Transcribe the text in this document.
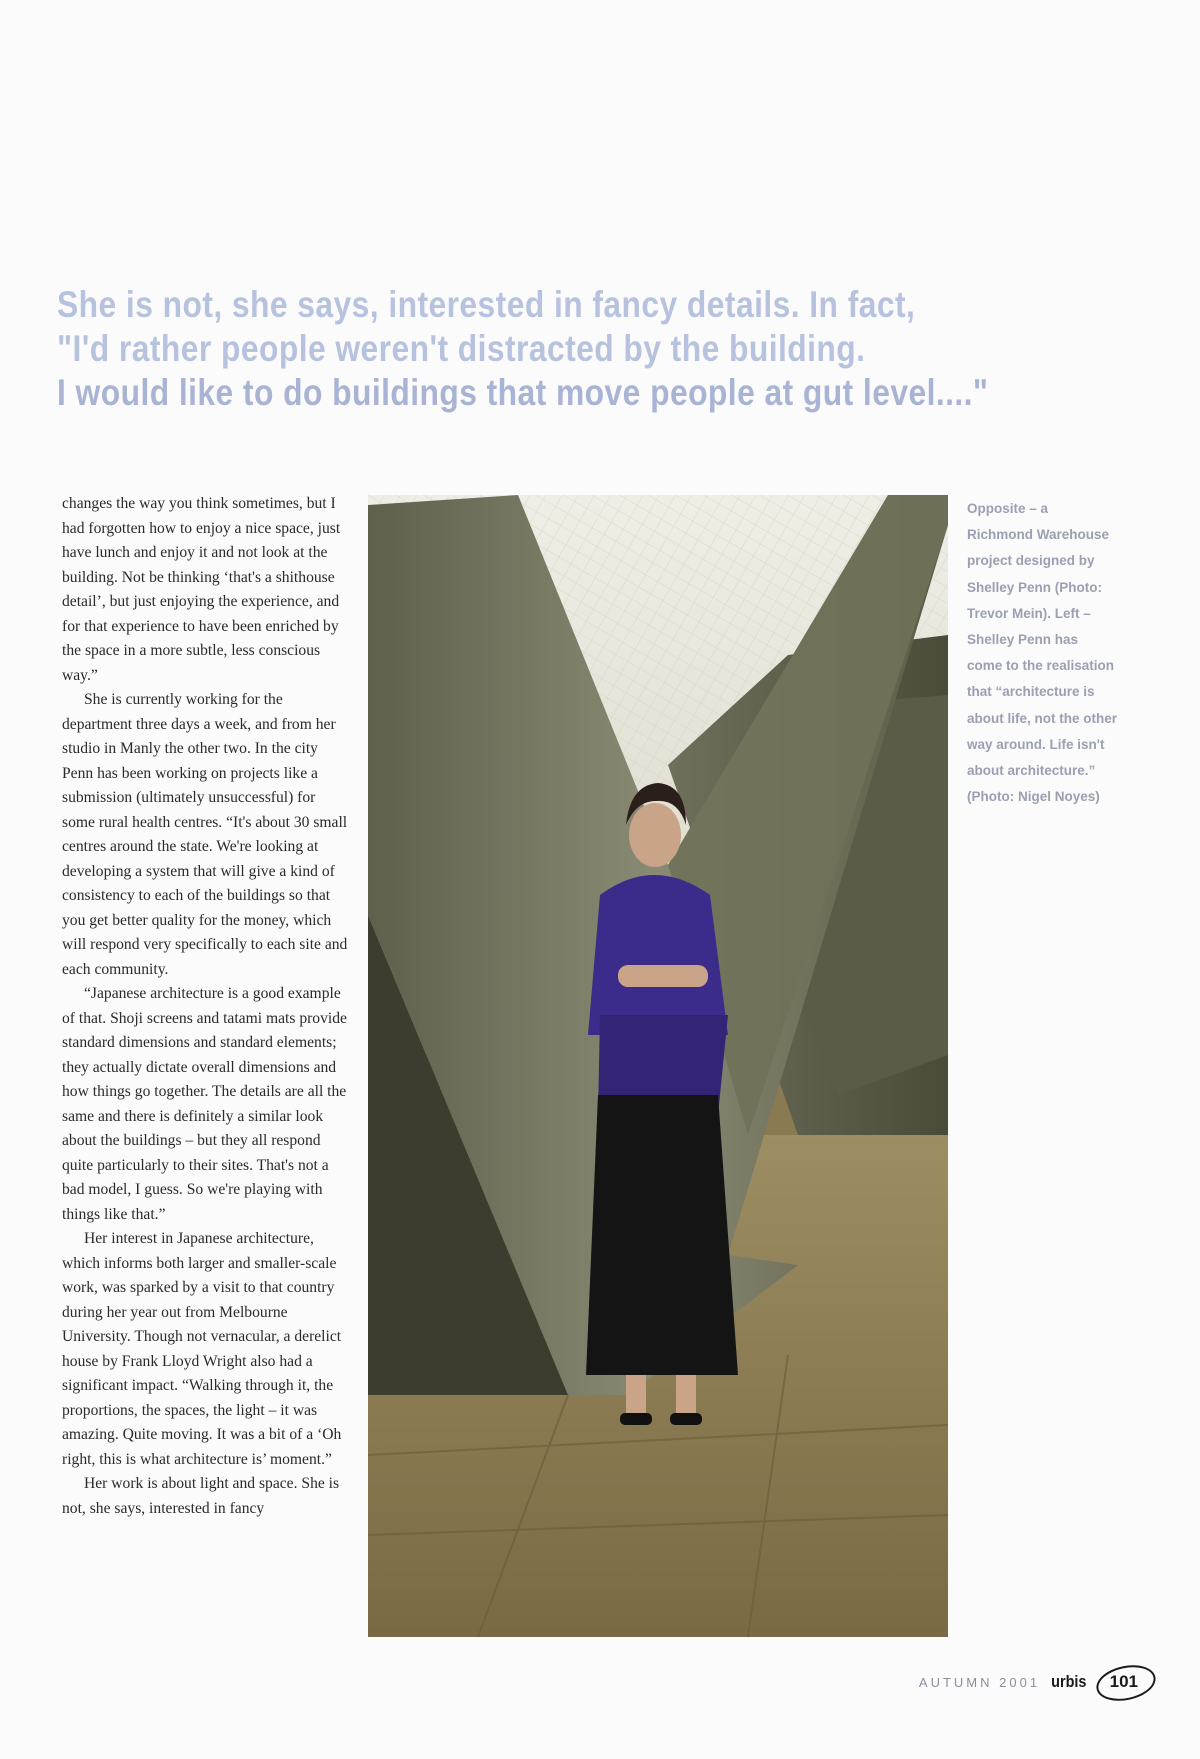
She is not, she says, interested in fancy details. In fact,
"I'd rather people weren't distracted by the building.
I would like to do buildings that move people at gut level...."

changes the way you think sometimes, but I had forgotten how to enjoy a nice space, just have lunch and enjoy it and not look at the building. Not be thinking ‘that's a shithouse detail’, but just enjoying the experience, and for that experience to have been enriched by the space in a more subtle, less conscious way.”

She is currently working for the department three days a week, and from her studio in Manly the other two. In the city Penn has been working on projects like a submission (ultimately unsuccessful) for some rural health centres. “It's about 30 small centres around the state. We're looking at developing a system that will give a kind of consistency to each of the buildings so that you get better quality for the money, which will respond very specifically to each site and each community.

“Japanese architecture is a good example of that. Shoji screens and tatami mats provide standard dimensions and standard elements; they actually dictate overall dimensions and how things go together. The details are all the same and there is definitely a similar look about the buildings – but they all respond quite particularly to their sites. That's not a bad model, I guess. So we're playing with things like that.”

Her interest in Japanese architecture, which informs both larger and smaller-scale work, was sparked by a visit to that country during her year out from Melbourne University. Though not vernacular, a derelict house by Frank Lloyd Wright also had a significant impact. “Walking through it, the proportions, the spaces, the light – it was amazing. Quite moving. It was a bit of a ‘Oh right, this is what architecture is’ moment.”

Her work is about light and space. She is not, she says, interested in fancy

Opposite – a Richmond Warehouse project designed by Shelley Penn (Photo: Trevor Mein). Left – Shelley Penn has come to the realisation that “architecture is about life, not the other way around. Life isn't about architecture.” (Photo: Nigel Noyes)

AUTUMN 2001 urbis	101
